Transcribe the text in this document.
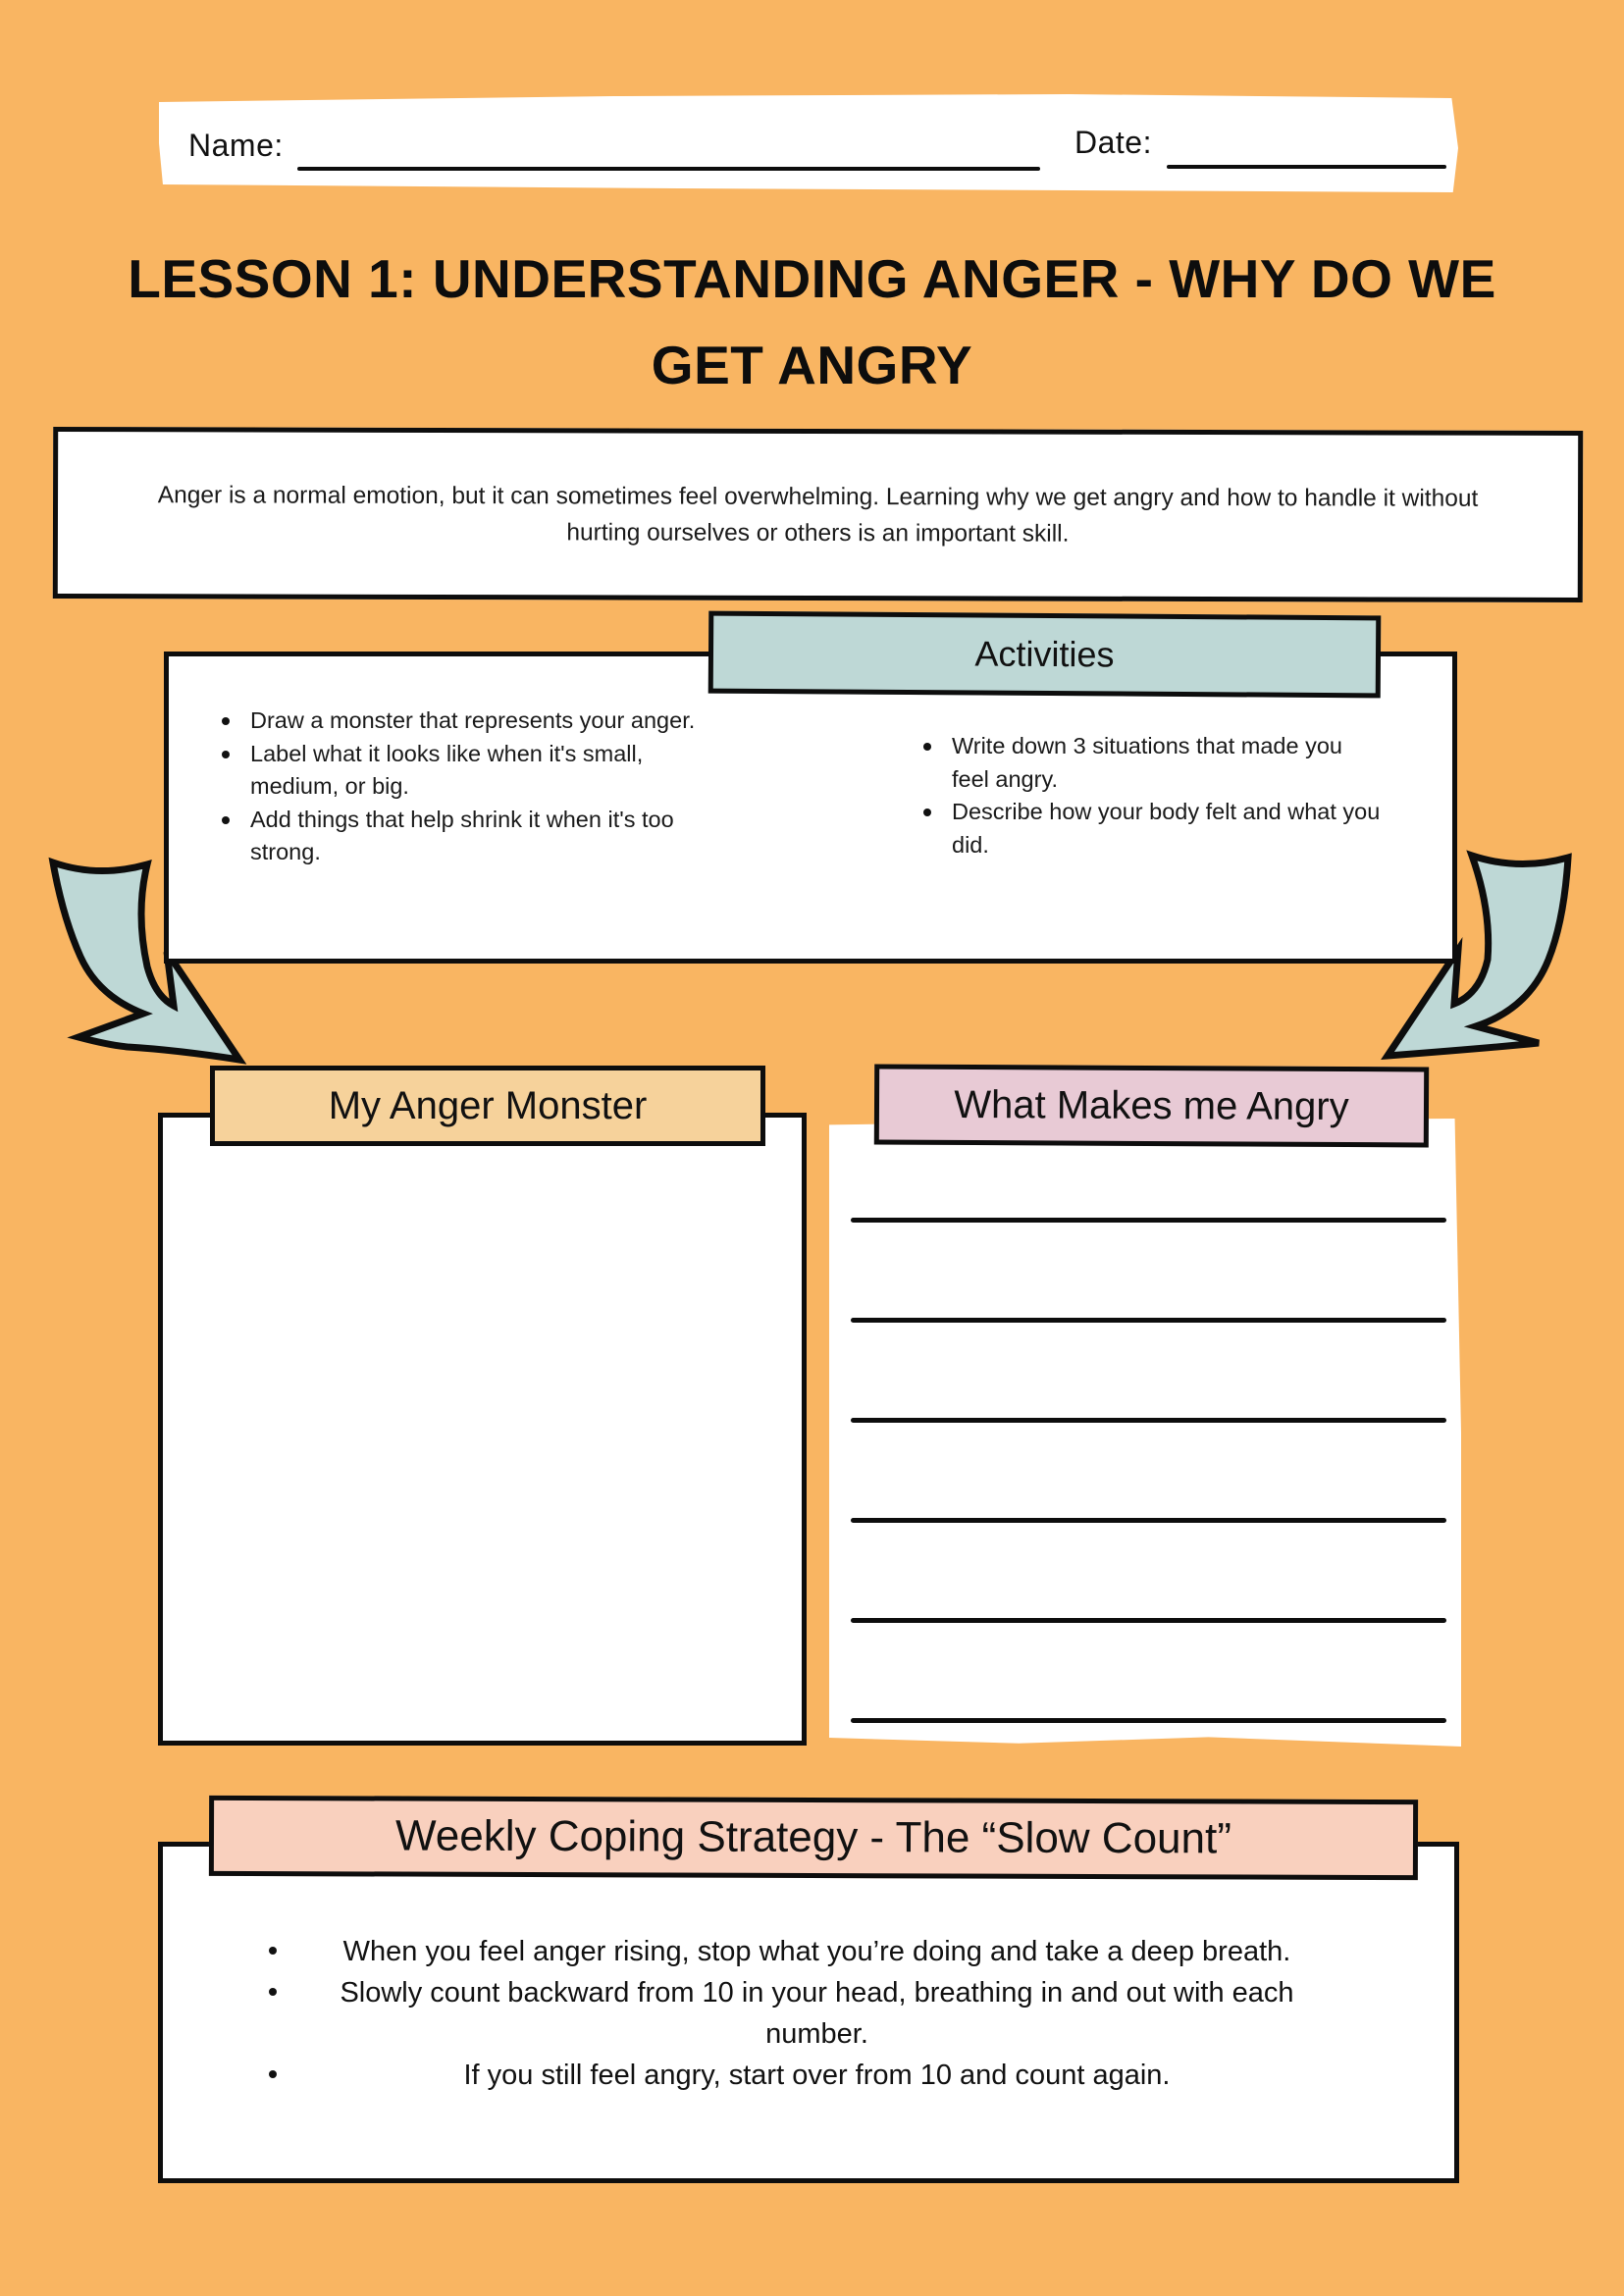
Name:	Date:
LESSON 1: UNDERSTANDING ANGER - WHY DO WE GET ANGRY
Anger is a normal emotion, but it can sometimes feel overwhelming. Learning why we get angry and how to handle it without hurting ourselves or others is an important skill.
Activities
Draw a monster that represents your anger.
Label what it looks like when it's small, medium, or big.
Add things that help shrink it when it's too strong.
Write down 3 situations that made you feel angry.
Describe how your body felt and what you did.
My Anger Monster	What Makes me Angry
Weekly Coping Strategy - The “Slow Count”
When you feel anger rising, stop what you’re doing and take a deep breath.
Slowly count backward from 10 in your head, breathing in and out with each number.
If you still feel angry, start over from 10 and count again.
